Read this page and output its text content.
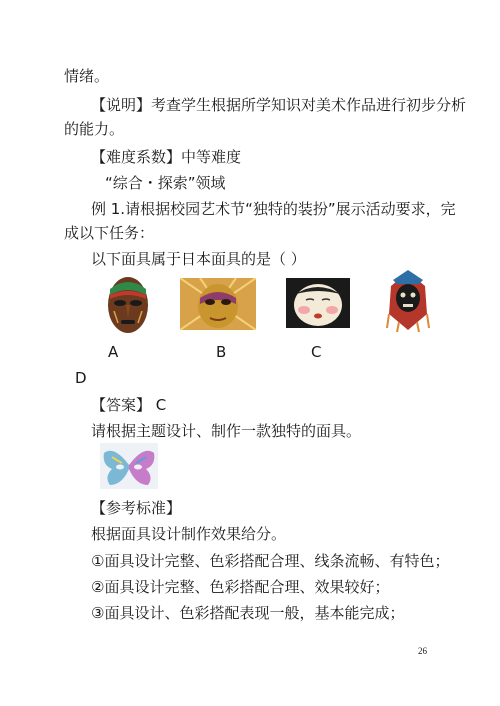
情绪。
【说明】考查学生根据所学知识对美术作品进行初步分析
的能力。
【难度系数】中等难度
“综合・探索”领域
例 1.请根据校园艺术节“独特的装扮”展示活动要求，完
成以下任务：
以下面具属于日本面具的是（ ）
A	B	C
D
【答案】 C
请根据主题设计、制作一款独特的面具。
【参考标准】
根据面具设计制作效果给分。
①面具设计完整、色彩搭配合理、线条流畅、有特色；
②面具设计完整、色彩搭配合理、效果较好；
③面具设计、色彩搭配表现一般，基本能完成；
26
